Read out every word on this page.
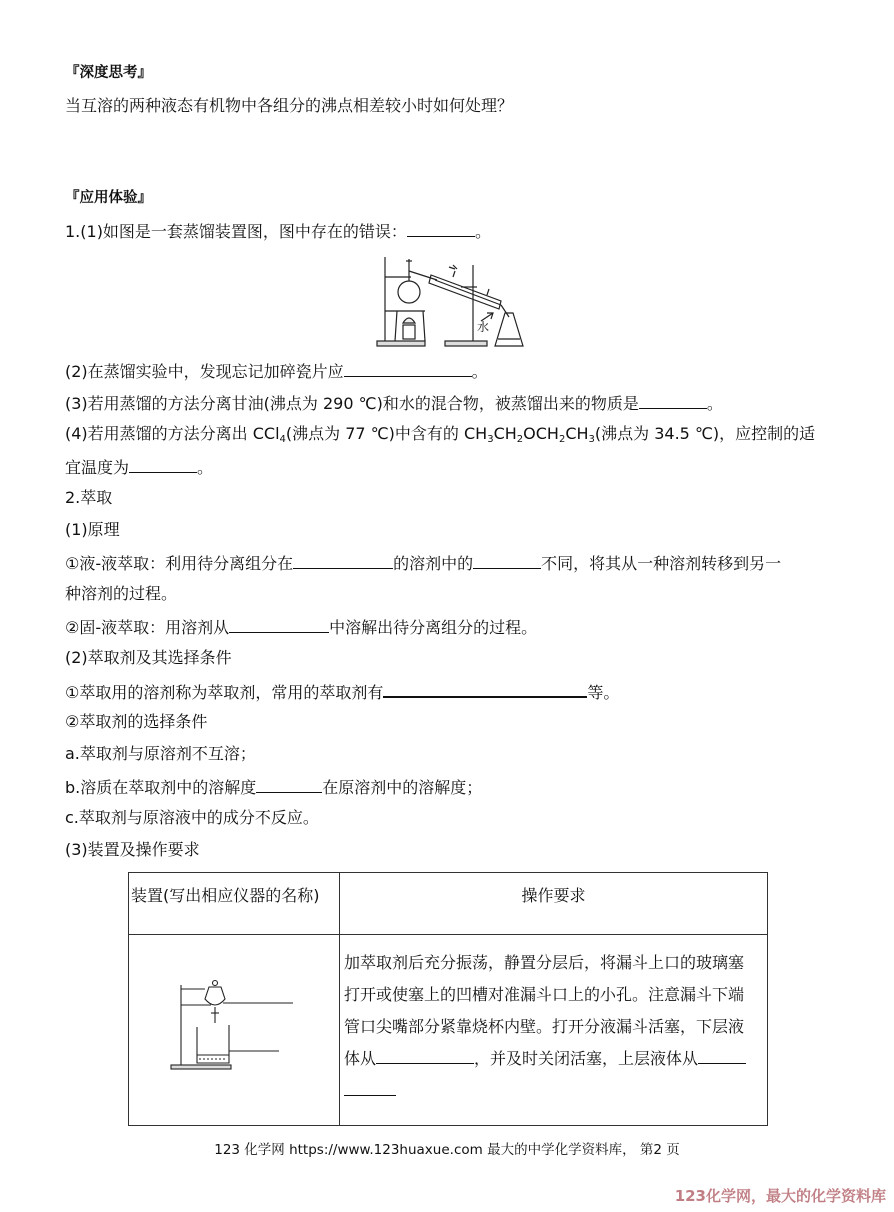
『深度思考』
当互溶的两种液态有机物中各组分的沸点相差较小时如何处理？
『应用体验』
1.(1)如图是一套蒸馏装置图，图中存在的错误：	。
水
(2)在蒸馏实验中，发现忘记加碎瓷片应	。
(3)若用蒸馏的方法分离甘油(沸点为 290 ℃)和水的混合物，被蒸馏出来的物质是	。
(4)若用蒸馏的方法分离出 CCl$_4$(沸点为 77 ℃)中含有的 $CH_3CH_2OCH_2CH_3$(沸点为 34.5 ℃)，应控制的适
宜温度为	。
2.萃取
(1)原理
①液-液萃取：利用待分离组分在	的溶剂中的	不同，将其从一种溶剂转移到另一
种溶剂的过程。
②固-液萃取：用溶剂从	中溶解出待分离组分的过程。
(2)萃取剂及其选择条件
①萃取用的溶剂称为萃取剂，常用的萃取剂有	等。
②萃取剂的选择条件
a.萃取剂与原溶剂不互溶；
b.溶质在萃取剂中的溶解度	在原溶剂中的溶解度；
c.萃取剂与原溶液中的成分不反应。
(3)装置及操作要求
装置(写出相应仪器的名称)	操作要求

加萃取剂后充分振荡，静置分层后，将漏斗上口的玻璃塞
打开或使塞上的凹槽对准漏斗口上的小孔。注意漏斗下端
管口尖嘴部分紧靠烧杯内壁。打开分液漏斗活塞，下层液
体从 ，并及时关闭活塞，上层液体从
123 化学网 https://www.123huaxue.com 最大的中学化学资料库， 第2 页
123化学网，最大的化学资料库
